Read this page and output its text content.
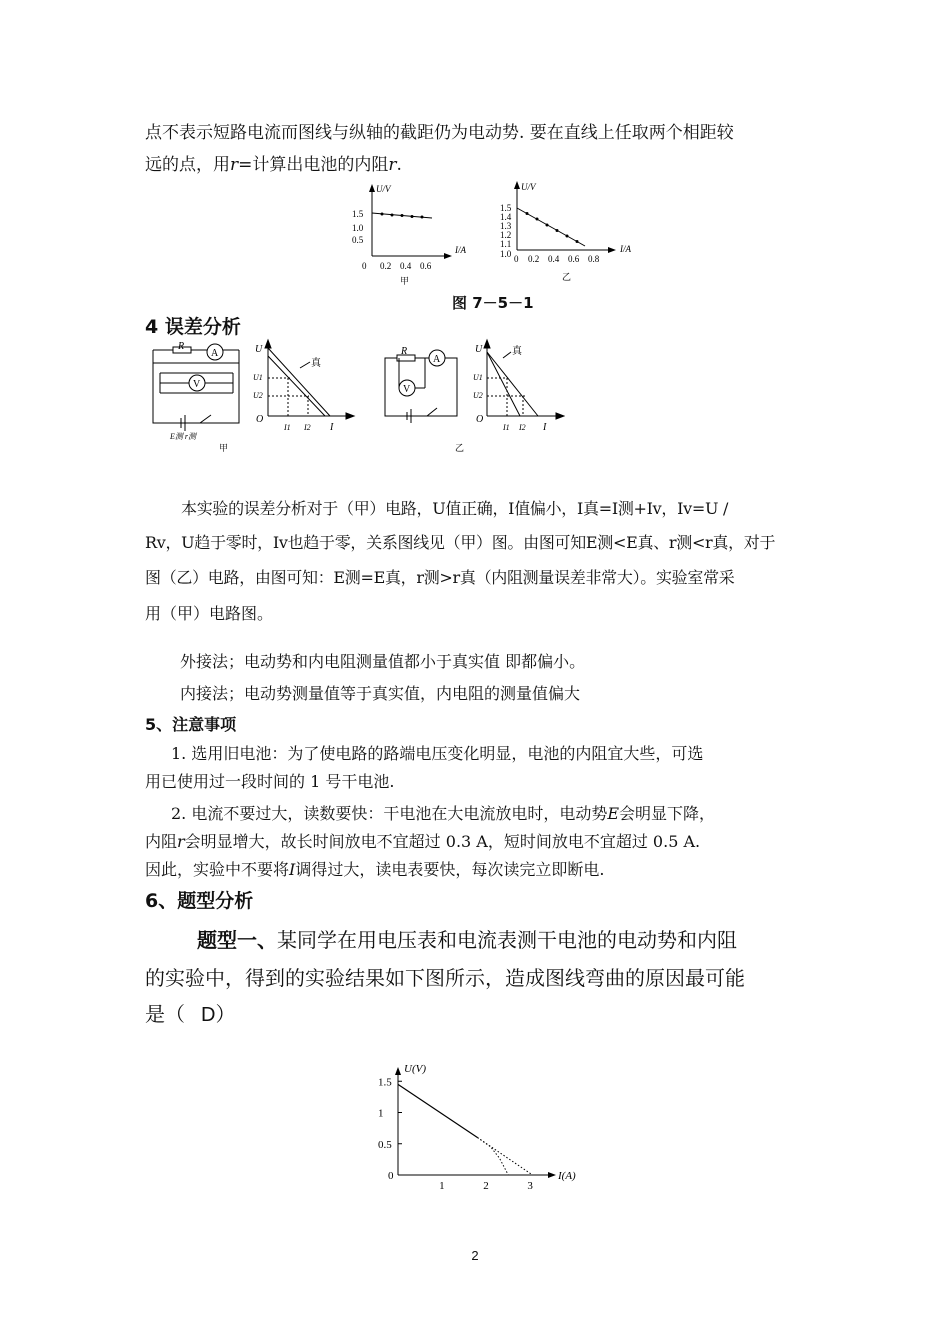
点不表示短路电流而图线与纵轴的截距仍为电动势. 要在直线上任取两个相距较
远的点，用r=计算出电池的内阻r.
U/V
I/A
1.5
1.0
0.5
0 0.2 0.4 0.6
甲
U/V
I/A
1.5
1.4
1.3
1.2
1.1
1.0 0 0.2 0.4 0.6 0.8
乙
图 7－5－1
4 误差分析
R
A
V
E测 r测
甲
U
U1
U2
O
I1 I2 I
真
R
A
V
乙
U
U1
U2
O
I1 I2 I
真
本实验的误差分析对于（甲）电路，U值正确，I值偏小，I真=I测+Iv，Iv=U /
Rv，U趋于零时，Iv也趋于零，关系图线见（甲）图。由图可知E测<E真、r测<r真，对于
图（乙）电路，由图可知：E测=E真，r测>r真（内阻测量误差非常大）。实验室常采
用（甲）电路图。
外接法；电动势和内电阻测量值都小于真实值 即都偏小。
内接法；电动势测量值等于真实值，内电阻的测量值偏大
5、注意事项
1. 选用旧电池：为了使电路的路端电压变化明显，电池的内阻宜大些，可选
用已使用过一段时间的 1 号干电池.
2. 电流不要过大，读数要快：干电池在大电流放电时，电动势E会明显下降，
内阻r会明显增大，故长时间放电不宜超过 0.3 A，短时间放电不宜超过 0.5 A.
因此，实验中不要将I调得过大，读电表要快，每次读完立即断电.
6、题型分析
题型一、某同学在用电压表和电流表测干电池的电动势和内阻
的实验中，得到的实验结果如下图所示，造成图线弯曲的原因最可能
是（ D）
U(V)
I(A)
0
1	2	3
1.5
1
0.5
2
